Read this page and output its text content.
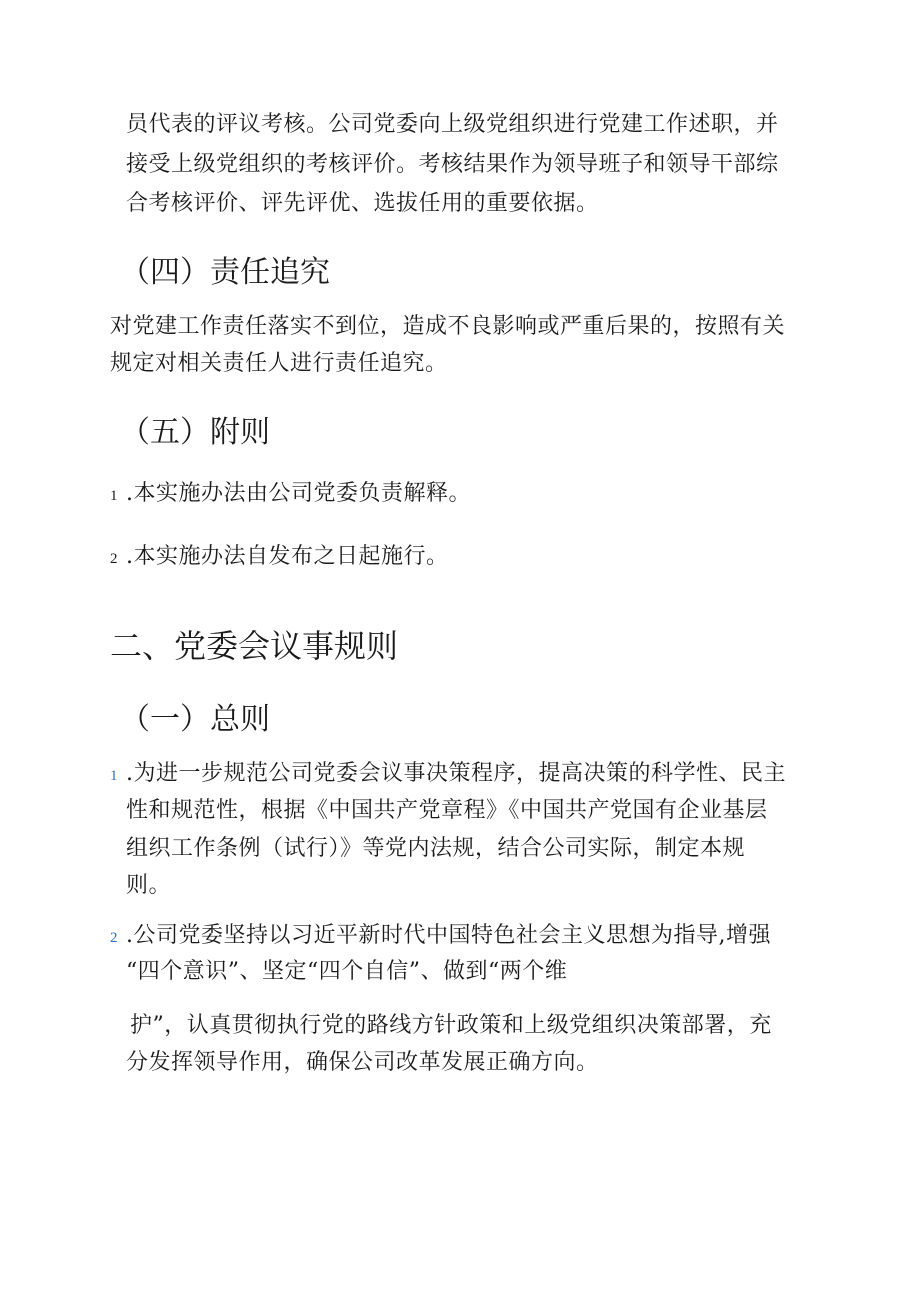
员代表的评议考核。公司党委向上级党组织进行党建工作述职，并
接受上级党组织的考核评价。考核结果作为领导班子和领导干部综
合考核评价、评先评优、选拔任用的重要依据。
（四）责任追究
对党建工作责任落实不到位，造成不良影响或严重后果的，按照有关
规定对相关责任人进行责任追究。
（五）附则
1 .本实施办法由公司党委负责解释。
2 .本实施办法自发布之日起施行。
二、党委会议事规则
（一）总则
1 .为进一步规范公司党委会议事决策程序，提高决策的科学性、民主
性和规范性，根据《中国共产党章程》《中国共产党国有企业基层
组织工作条例（试行）》等党内法规，结合公司实际，制定本规
则。
2 .公司党委坚持以习近平新时代中国特色社会主义思想为指导,增强
“四个意识”、坚定“四个自信”、做到“两个维
护”，认真贯彻执行党的路线方针政策和上级党组织决策部署，充
分发挥领导作用，确保公司改革发展正确方向。
